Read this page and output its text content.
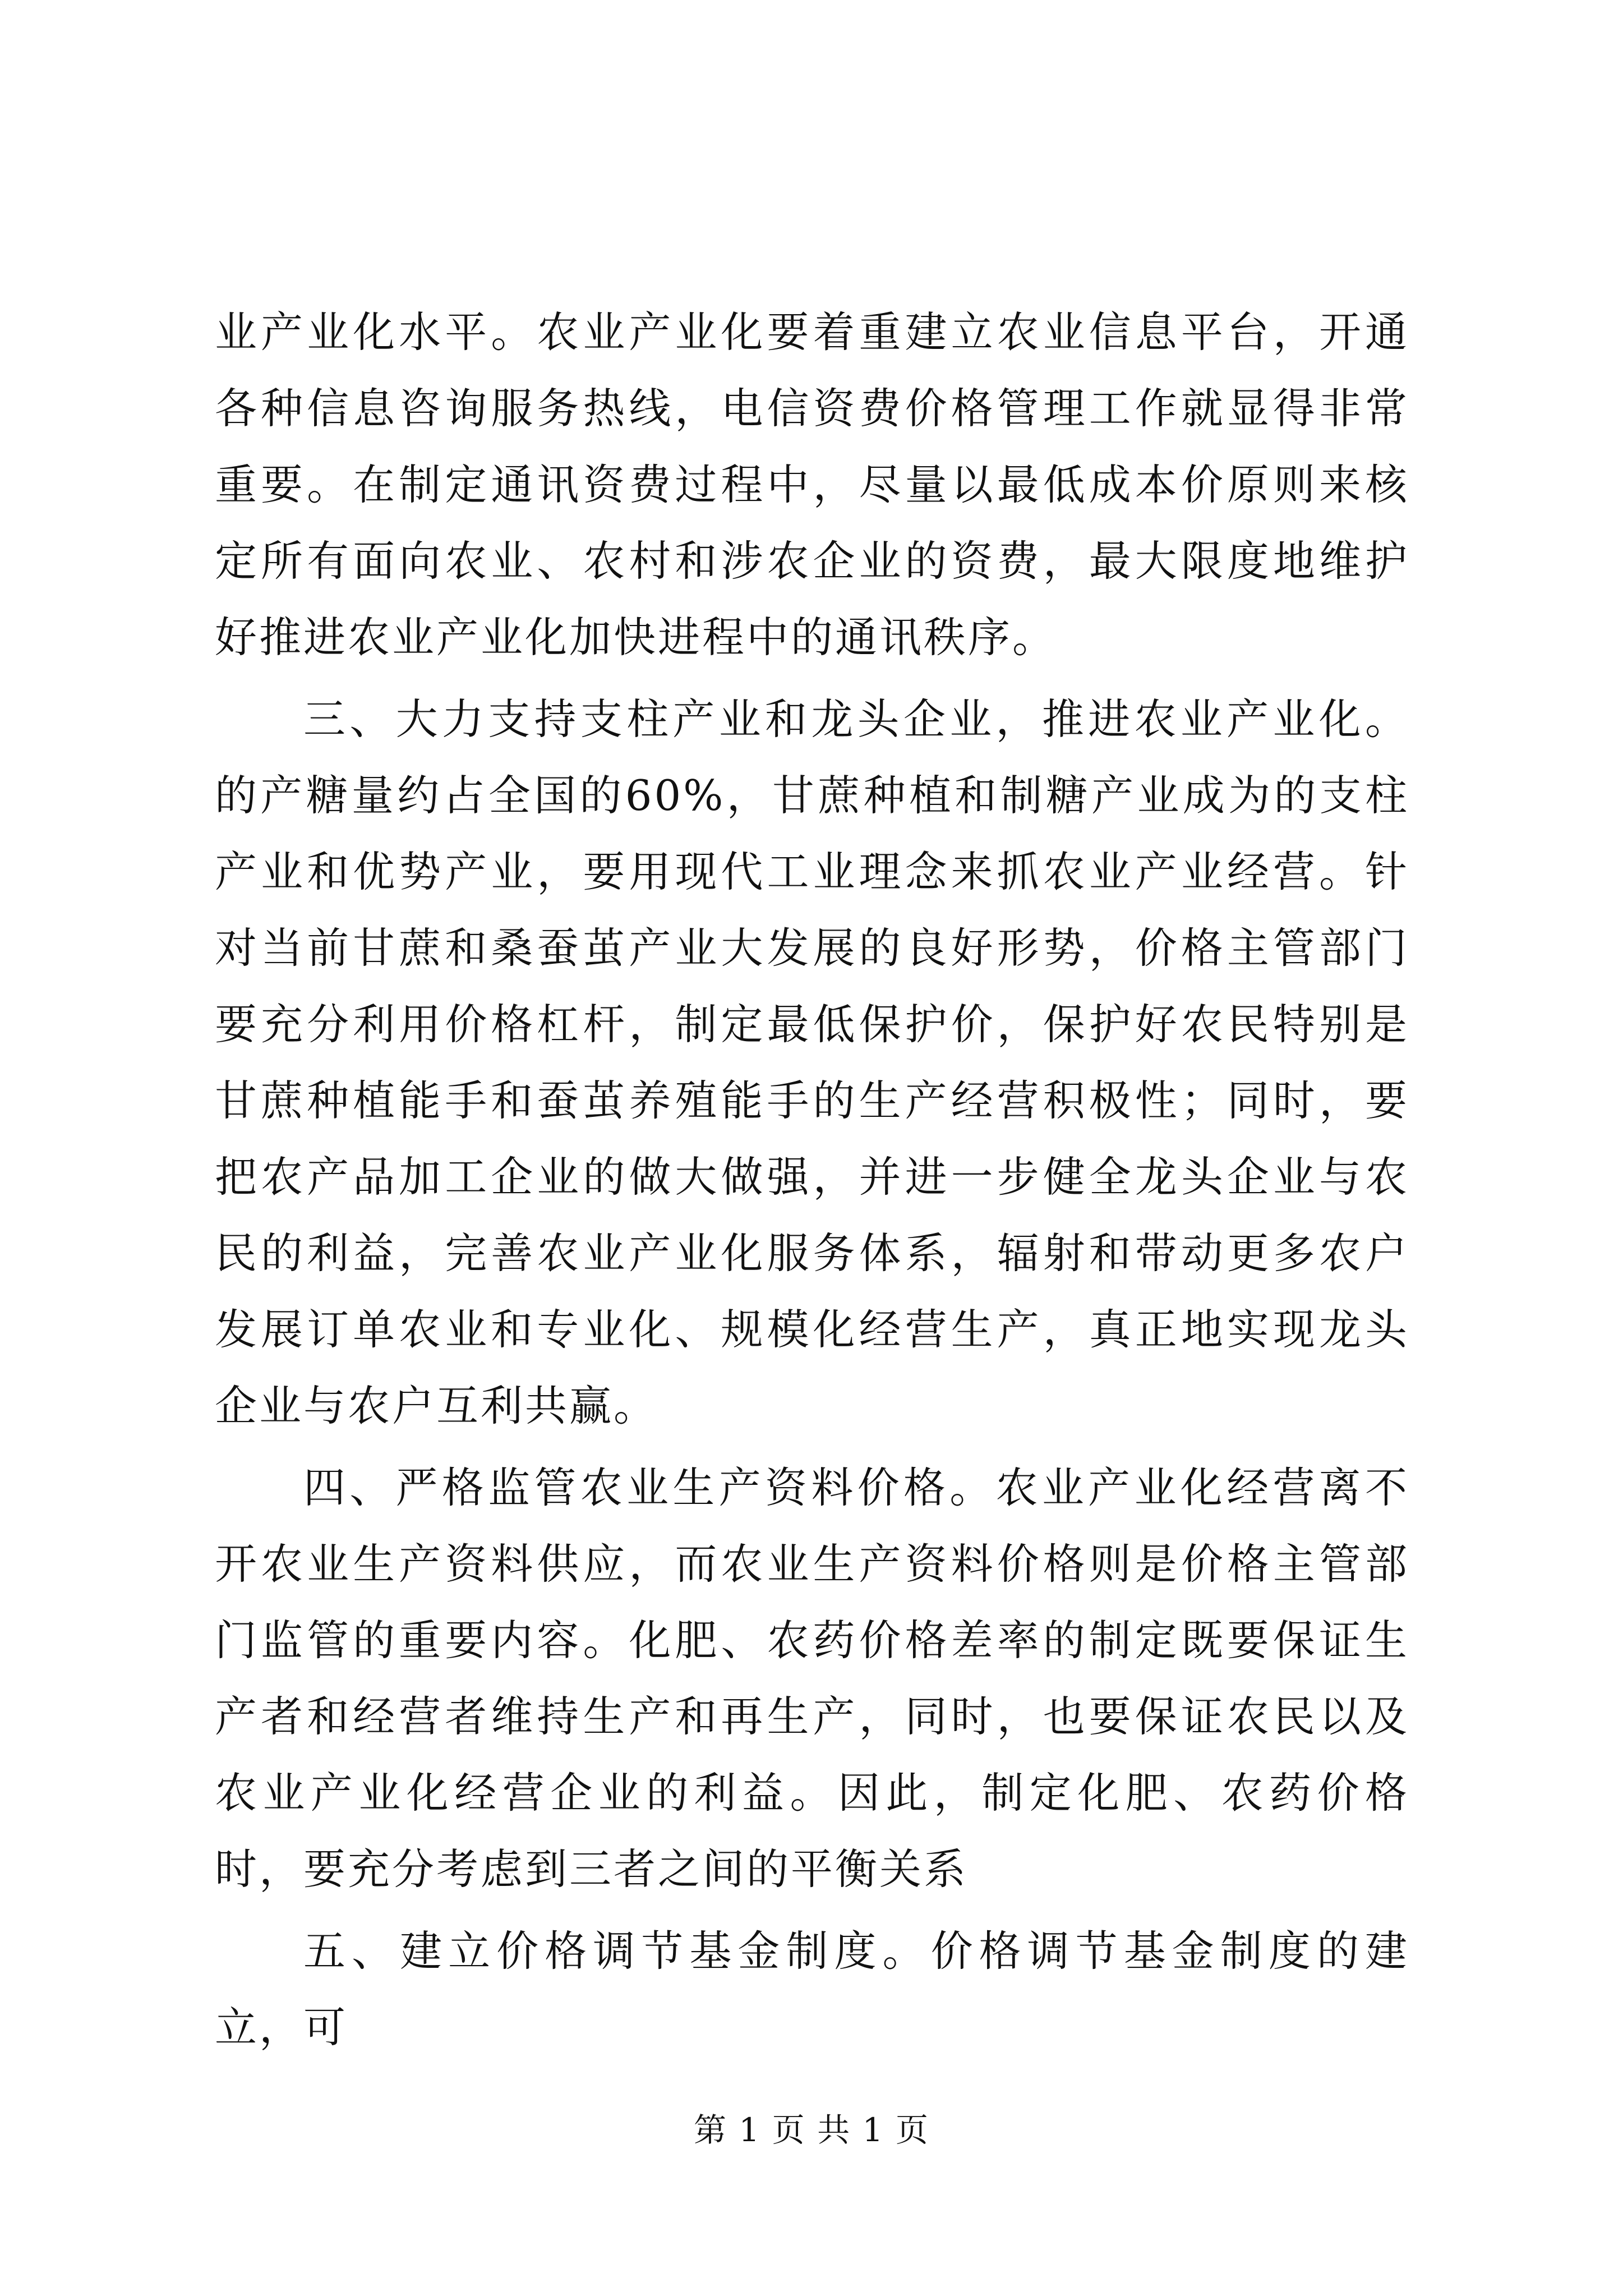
业产业化水平。农业产业化要着重建立农业信息平台，开通各种信息咨询服务热线，电信资费价格管理工作就显得非常重要。在制定通讯资费过程中，尽量以最低成本价原则来核定所有面向农业、农村和涉农企业的资费，最大限度地维护好推进农业产业化加快进程中的通讯秩序。

三、大力支持支柱产业和龙头企业，推进农业产业化。的产糖量约占全国的60%，甘蔗种植和制糖产业成为的支柱产业和优势产业，要用现代工业理念来抓农业产业经营。针对当前甘蔗和桑蚕茧产业大发展的良好形势，价格主管部门要充分利用价格杠杆，制定最低保护价，保护好农民特别是甘蔗种植能手和蚕茧养殖能手的生产经营积极性；同时，要把农产品加工企业的做大做强，并进一步健全龙头企业与农民的利益，完善农业产业化服务体系，辐射和带动更多农户发展订单农业和专业化、规模化经营生产，真正地实现龙头企业与农户互利共赢。

四、严格监管农业生产资料价格。农业产业化经营离不开农业生产资料供应，而农业生产资料价格则是价格主管部门监管的重要内容。化肥、农药价格差率的制定既要保证生产者和经营者维持生产和再生产，同时，也要保证农民以及农业产业化经营企业的利益。因此，制定化肥、农药价格时，要充分考虑到三者之间的平衡关系

五、建立价格调节基金制度。价格调节基金制度的建立，可

第 1 页 共 1 页
